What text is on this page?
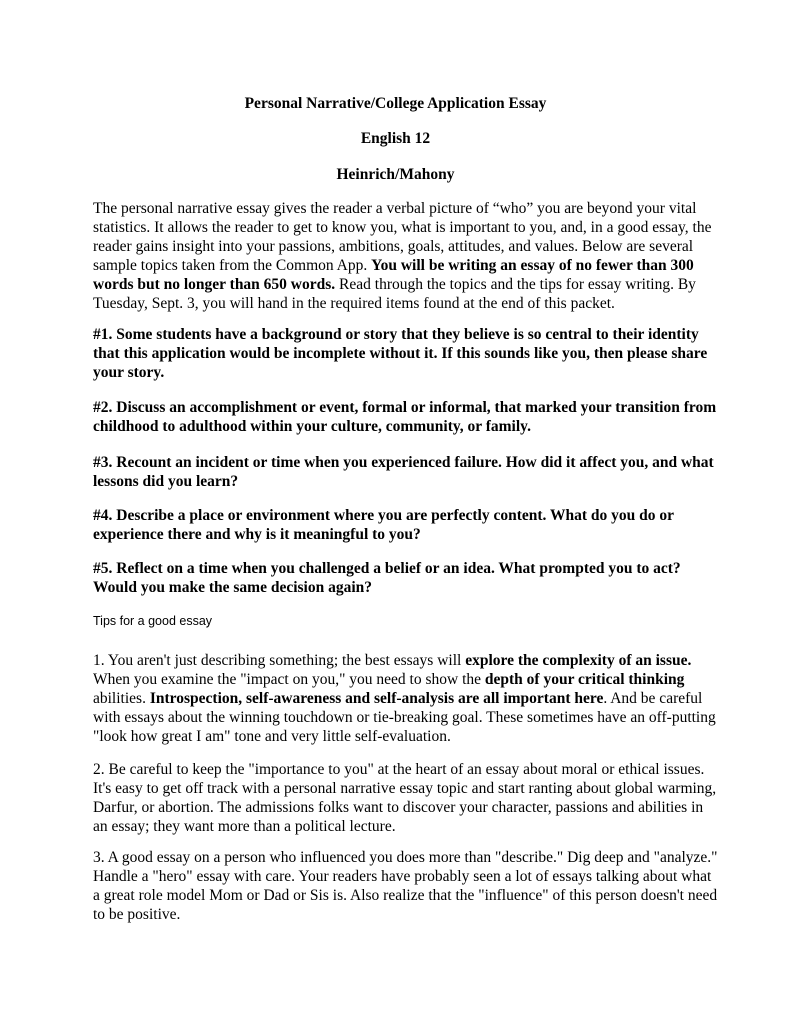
Personal Narrative/College Application Essay
English 12
Heinrich/Mahony
The personal narrative essay gives the reader a verbal picture of “who” you are beyond your vital statistics. It allows the reader to get to know you, what is important to you, and, in a good essay, the reader gains insight into your passions, ambitions, goals, attitudes, and values. Below are several sample topics taken from the Common App. You will be writing an essay of no fewer than 300 words but no longer than 650 words. Read through the topics and the tips for essay writing. By Tuesday, Sept. 3, you will hand in the required items found at the end of this packet.
#1. Some students have a background or story that they believe is so central to their identity that this application would be incomplete without it. If this sounds like you, then please share your story.
#2. Discuss an accomplishment or event, formal or informal, that marked your transition from childhood to adulthood within your culture, community, or family.
#3. Recount an incident or time when you experienced failure. How did it affect you, and what lessons did you learn?
#4. Describe a place or environment where you are perfectly content. What do you do or experience there and why is it meaningful to you?
#5. Reflect on a time when you challenged a belief or an idea. What prompted you to act? Would you make the same decision again?
Tips for a good essay
1. You aren't just describing something; the best essays will explore the complexity of an issue. When you examine the "impact on you," you need to show the depth of your critical thinking abilities. Introspection, self-awareness and self-analysis are all important here. And be careful with essays about the winning touchdown or tie-breaking goal. These sometimes have an off-putting "look how great I am" tone and very little self-evaluation.
2. Be careful to keep the "importance to you" at the heart of an essay about moral or ethical issues. It's easy to get off track with a personal narrative essay topic and start ranting about global warming, Darfur, or abortion. The admissions folks want to discover your character, passions and abilities in an essay; they want more than a political lecture.
3. A good essay on a person who influenced you does more than "describe." Dig deep and "analyze." Handle a "hero" essay with care. Your readers have probably seen a lot of essays talking about what a great role model Mom or Dad or Sis is. Also realize that the "influence" of this person doesn't need to be positive.
